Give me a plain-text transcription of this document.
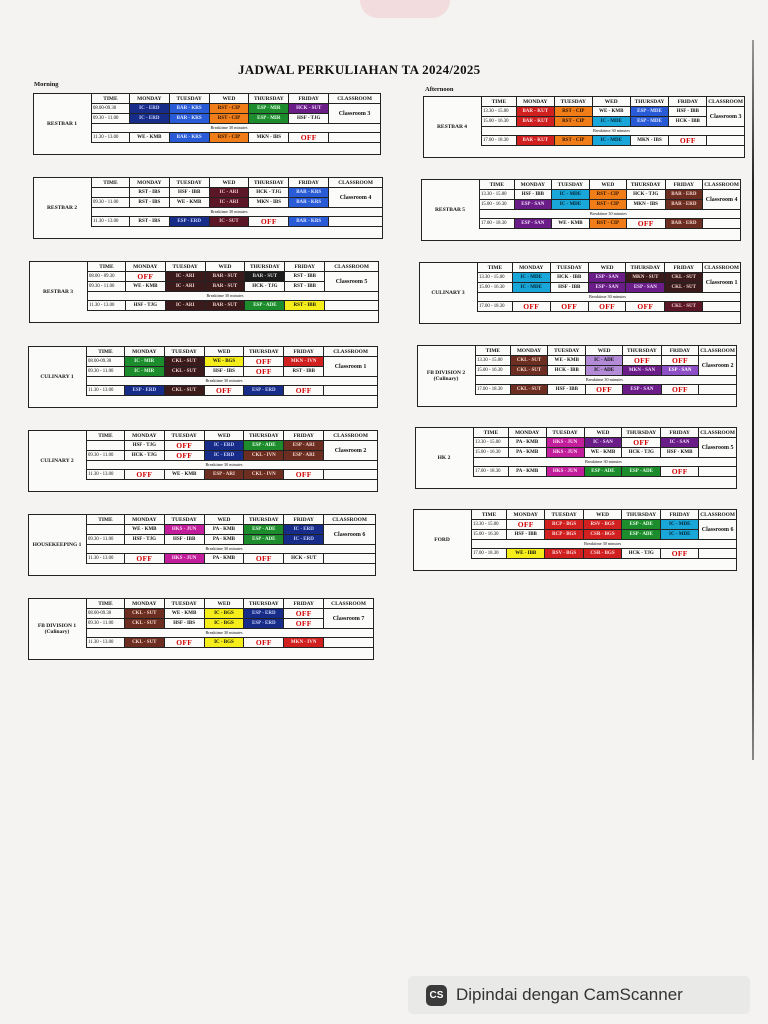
JADWAL PERKULIAHAN TA 2024/2025
Morning
Afternoon
RESTBAR 1
TIME	MONDAY	TUESDAY	WED	THURSDAY	FRIDAY	CLASSROOM
08.00-09.30	IC - ERD	BAR - KRS	RST - CIP	ESP - MIR	HCK - SUT	Classroom 3
09.30 - 11.00	IC - ERD	BAR - KRS	RST - CIP	ESP - MIR	HSF - TJG	
	Breaktime 30 minutes					
11.30 - 13.00	WE - KMB	BAR - KRS	RST - CIP	MKN - IBS	OFF	
RESTBAR 2
TIME	MONDAY	TUESDAY	WED	THURSDAY	FRIDAY	CLASSROOM
	RST - IBS	HSF - IBB	IC - ARI	HCK - TJG	BAR - KRS	Classroom 4
09.30 - 11.00	RST - IBS	WE - KMB	IC - ARI	MKN - IBS	BAR - KRS	
	Breaktime 30 minutes					
11.30 - 13.00	RST - IBS	ESP - ERD	IC - SUT	OFF	BAR - KRS	
RESTBAR 3
TIME	MONDAY	TUESDAY	WED	THURSDAY	FRIDAY	CLASSROOM
08.00 - 09.30	OFF	IC - ARI	BAR - SUT	BAR - SUT	RST - IBB	Classroom 5
09.30 - 11.00	WE - KMB	IC - ARI	BAR - SUT	HCK - TJG	RST - IBB	
	Breaktime 30 minutes					
11.30 - 13.00	HSF - TJG	IC - ARI	BAR - SUT	ESP - ADE	RST - IBB	
CULINARY 1
TIME	MONDAY	TUESDAY	WED	THURSDAY	FRIDAY	CLASSROOM
08.00-09.30	IC - MIR	CKL - SUT	WE - BGS	OFF	MKN - IVN	Classroom 1
09.30 - 11.00	IC - MIR	CKL - SUT	HSF - IBS	OFF	RST - IBB	
	Breaktime 30 minutes					
11.30 - 13.00	ESP - ERD	CKL - SUT	OFF	ESP - ERD	OFF	
CULINARY 2
TIME	MONDAY	TUESDAY	WED	THURSDAY	FRIDAY	CLASSROOM
	HSF - TJG	OFF	IC - ERD	ESP - ADE	ESP - ARI	Classroom 2
09.30 - 11.00	HCK - TJG	OFF	IC - ERD	CKL - IVN	ESP - ARI	
	Breaktime 30 minutes					
11.30 - 13.00	OFF	WE - KMB	ESP - ARI	CKL - IVN	OFF	
HOUSEKEEPING 1
TIME	MONDAY	TUESDAY	WED	THURSDAY	FRIDAY	CLASSROOM
	WE - KMB	HKS - JUN	PA - KMB	ESP - ADE	IC - ERD	Classroom 6
09.30 - 11.00	HSF - TJG	HSF - IBB	PA - KMB	ESP - ADE	IC - ERD	
	Breaktime 30 minutes					
11.30 - 13.00	OFF	HKS - JUN	PA - KMB	OFF	HCK - SUT	
FB DIVISION 1 (Culinary)
TIME	MONDAY	TUESDAY	WED	THURSDAY	FRIDAY	CLASSROOM
08.00-09.30	CKL - SUT	WE - KMB	IC - BGS	ESP - ERD	OFF	Classroom 7
09.30 - 11.00	CKL - SUT	HSF - IBS	IC - BGS	ESP - ERD	OFF	
	Breaktime 30 minutes					
11.30 - 13.00	CKL - SUT	OFF	IC - BGS	OFF	MKN - IVN	
RESTBAR 4
TIME	MONDAY	TUESDAY	WED	THURSDAY	FRIDAY	CLASSROOM
13.30 - 15.00	BAR - KUT	RST - CIP	WE - KMB	ESP - MDE	HSF - IBB	Classroom 3
15.00 - 16.30	BAR - KUT	RST - CIP	IC - MDE	ESP - MDE	HCK - IBB	
	Breaktime 30 minutes					
17.00 - 18.30	BAR - KUT	RST - CIP	IC - MDE	MKN - IBS	OFF	
RESTBAR 5
TIME	MONDAY	TUESDAY	WED	THURSDAY	FRIDAY	CLASSROOM
13.30 - 15.00	HSF - IBB	IC - MDE	RST - CIP	HCK - TJG	BAR - ERD	Classroom 4
15.00 - 16.30	ESP - SAN	IC - MDE	RST - CIP	MKN - IBS	BAR - ERD	
	Breaktime 30 minutes					
17.00 - 18.30	ESP - SAN	WE - KMB	RST - CIP	OFF	BAR - ERD	
CULINARY 3
TIME	MONDAY	TUESDAY	WED	THURSDAY	FRIDAY	CLASSROOM
13.30 - 15.00	IC - MDE	HCK - IBB	ESP - SAN	MKN - SUT	CKL - SUT	Classroom 1
15.00 - 16.30	IC - MDE	HSF - IBB	ESP - SAN	ESP - SAN	CKL - SUT	
	Breaktime 30 minutes					
17.00 - 18.30	OFF	OFF	OFF	OFF	CKL - SUT	
FB DIVISION 2 (Culinary)
TIME	MONDAY	TUESDAY	WED	THURSDAY	FRIDAY	CLASSROOM
13.30 - 15.00	CKL - SUT	WE - KMB	IC - ADE	OFF	OFF	Classroom 2
15.00 - 16.30	CKL - SUT	HCK - IBB	IC - ADE	MKN - SAN	ESP - SAN	
	Breaktime 30 minutes					
17.00 - 18.30	CKL - SUT	HSF - IBB	OFF	ESP - SAN	OFF	
HK 2
TIME	MONDAY	TUESDAY	WED	THURSDAY	FRIDAY	CLASSROOM
13.30 - 15.00	PA - KMB	HKS - JUN	IC - SAN	OFF	IC - SAN	Classroom 5
15.00 - 16.30	PA - KMB	HKS - JUN	WE - KMB	HCK - TJG	HSF - KMB	
	Breaktime 30 minutes					
17.00 - 18.30	PA - KMB	HKS - JUN	ESP - ADE	ESP - ADE	OFF	
FORD
TIME	MONDAY	TUESDAY	WED	THURSDAY	FRIDAY	CLASSROOM
13.30 - 15.00	OFF	RCP - BGS	RSV - BGS	ESP - ADE	IC - MDE	Classroom 6
15.00 - 16.30	HSF - IBB	RCP - BGS	CSR - BGS	ESP - ADE	IC - MDE	
	Breaktime 30 minutes					
17.00 - 18.30	WE - IBB	RSV - BGS	CSR - BGS	HCK - TJG	OFF	
CS Dipindai dengan CamScanner
